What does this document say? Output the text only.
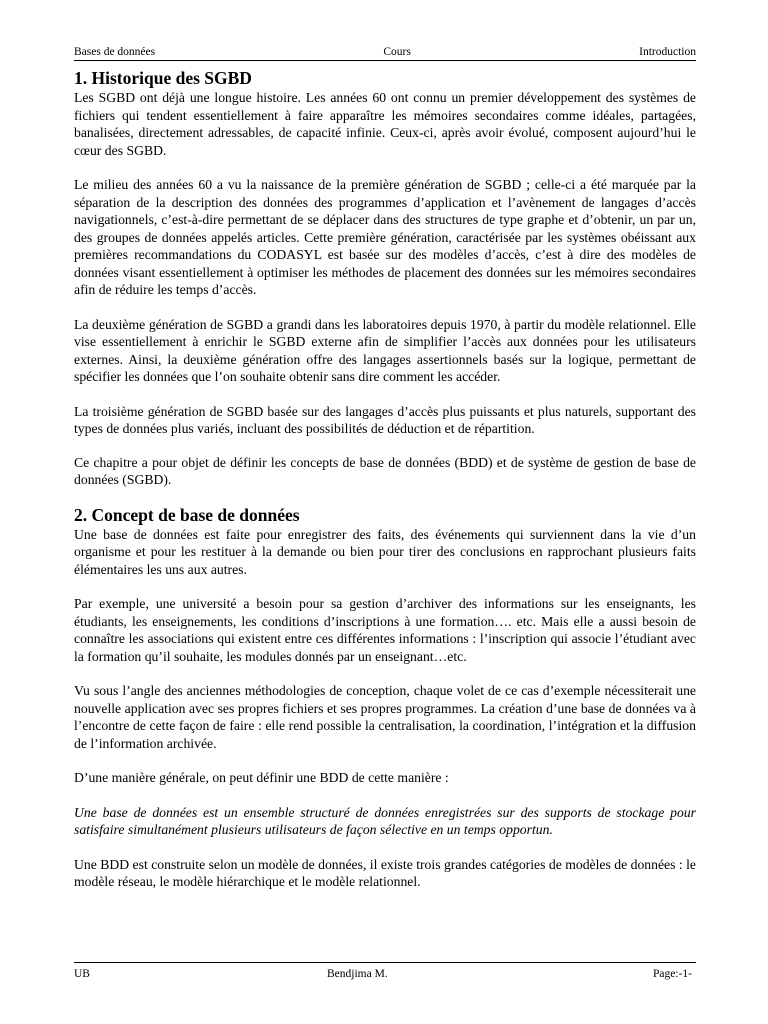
Bases de données	Cours	Introduction
1. Historique des SGBD

Les SGBD ont déjà une longue histoire. Les années 60 ont connu un premier développement des systèmes de fichiers qui tendent essentiellement à faire apparaître les mémoires secondaires comme idéales, partagées, banalisées, directement adressables, de capacité infinie. Ceux-ci, après avoir évolué, composent aujourd’hui le cœur des SGBD.

Le milieu des années 60 a vu la naissance de la première génération de SGBD ; celle-ci a été marquée par la séparation de la description des données des programmes d’application et l’avènement de langages d’accès navigationnels, c’est-à-dire permettant de se déplacer dans des structures de type graphe et d’obtenir, un par un, des groupes de données appelés articles. Cette première génération, caractérisée par les systèmes obéissant aux premières recommandations du CODASYL est basée sur des modèles d’accès, c’est à dire des modèles de données visant essentiellement à optimiser les méthodes de placement des données sur les mémoires secondaires afin de réduire les temps d’accès.

La deuxième génération de SGBD a grandi dans les laboratoires depuis 1970, à partir du modèle relationnel. Elle vise essentiellement à enrichir le SGBD externe afin de simplifier l’accès aux données pour les utilisateurs externes. Ainsi, la deuxième génération offre des langages assertionnels basés sur la logique, permettant de spécifier les données que l’on souhaite obtenir sans dire comment les accéder.

La troisième génération de SGBD basée sur des langages d’accès plus puissants et plus naturels, supportant des types de données plus variés, incluant des possibilités de déduction et de répartition.

Ce chapitre a pour objet de définir les concepts de base de données (BDD) et de système de gestion de base de données (SGBD).

2. Concept de base de données

Une base de données est faite pour enregistrer des faits, des événements qui surviennent dans la vie d’un organisme et pour les restituer à la demande ou bien pour tirer des conclusions en rapprochant plusieurs faits élémentaires les uns aux autres.

Par exemple, une université a besoin pour sa gestion d’archiver des informations sur les enseignants, les étudiants, les enseignements, les conditions d’inscriptions à une formation…. etc. Mais elle a aussi besoin de connaître les associations qui existent entre ces différentes informations : l’inscription qui associe l’étudiant avec la formation qu’il souhaite, les modules donnés par un enseignant…etc.

Vu sous l’angle des anciennes méthodologies de conception, chaque volet de ce cas d’exemple nécessiterait une nouvelle application avec ses propres fichiers et ses propres programmes. La création d’une base de données va à l’encontre de cette façon de faire : elle rend possible la centralisation, la coordination, l’intégration et la diffusion de l’information archivée.

D’une manière générale, on peut définir une BDD de cette manière :

Une base de données est un ensemble structuré de données enregistrées sur des supports de stockage pour satisfaire simultanément plusieurs utilisateurs de façon sélective en un temps opportun.

Une BDD est construite selon un modèle de données, il existe trois grandes catégories de modèles de données : le modèle réseau, le modèle hiérarchique et le modèle relationnel.

UB	Bendjima M.	Page:-1-
